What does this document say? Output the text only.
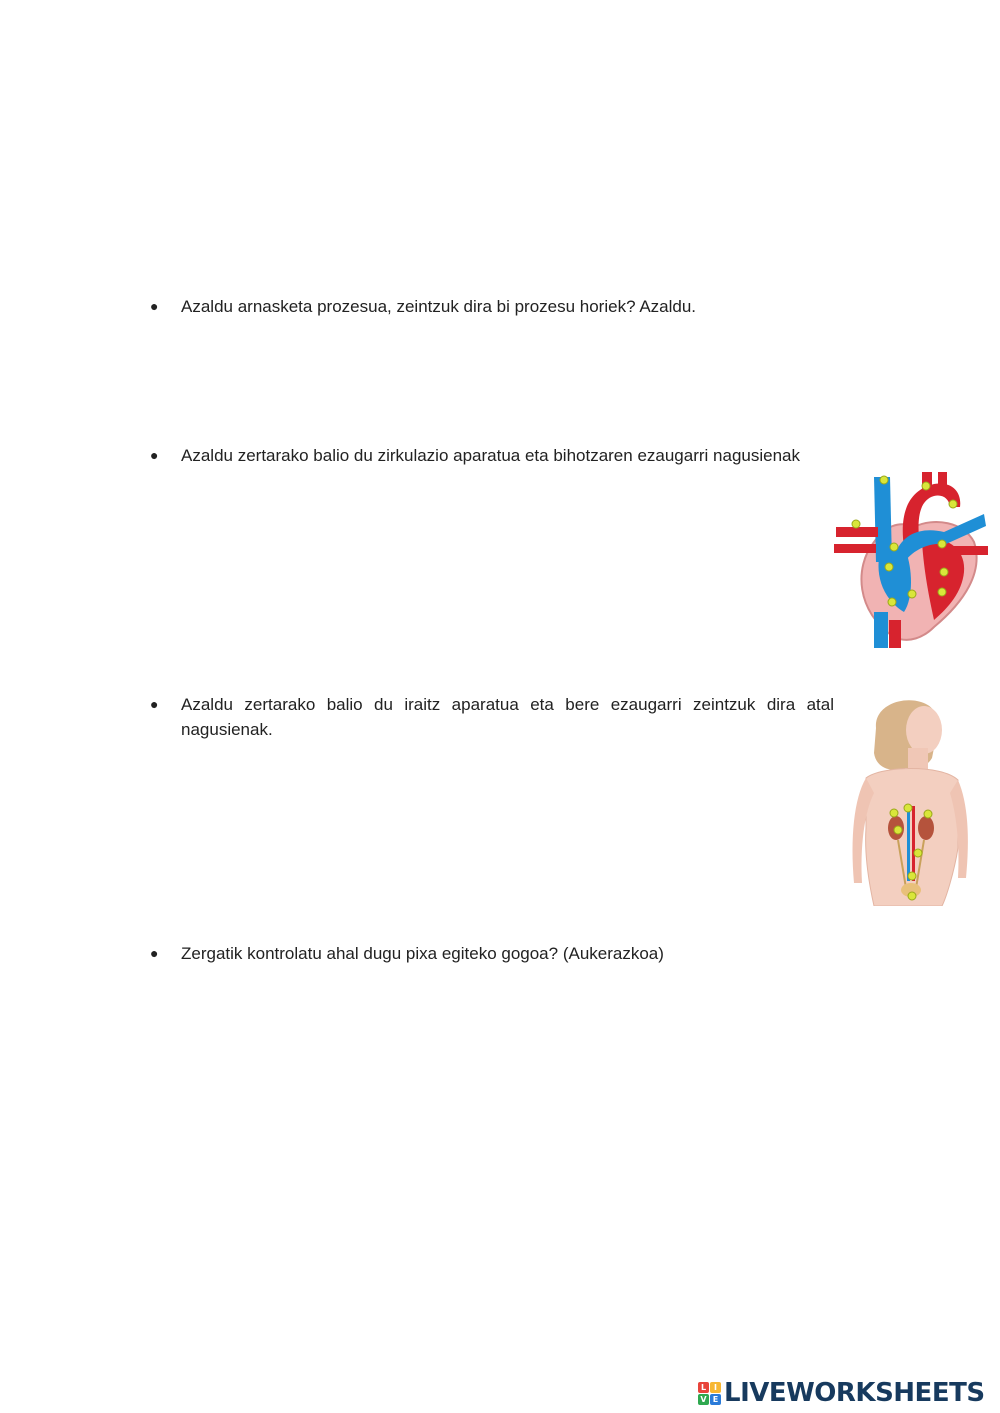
● Azaldu arnasketa prozesua, zeintzuk dira bi prozesu horiek? Azaldu.
● Azaldu zertarako balio du zirkulazio aparatua eta bihotzaren ezaugarri nagusienak
● Azaldu zertarako balio du iraitz aparatua eta bere ezaugarri zeintzuk dira atal nagusienak.
● Zergatik kontrolatu ahal dugu pixa egiteko gogoa? (Aukerazkoa)
L I
V E LIVEWORKSHEETS
